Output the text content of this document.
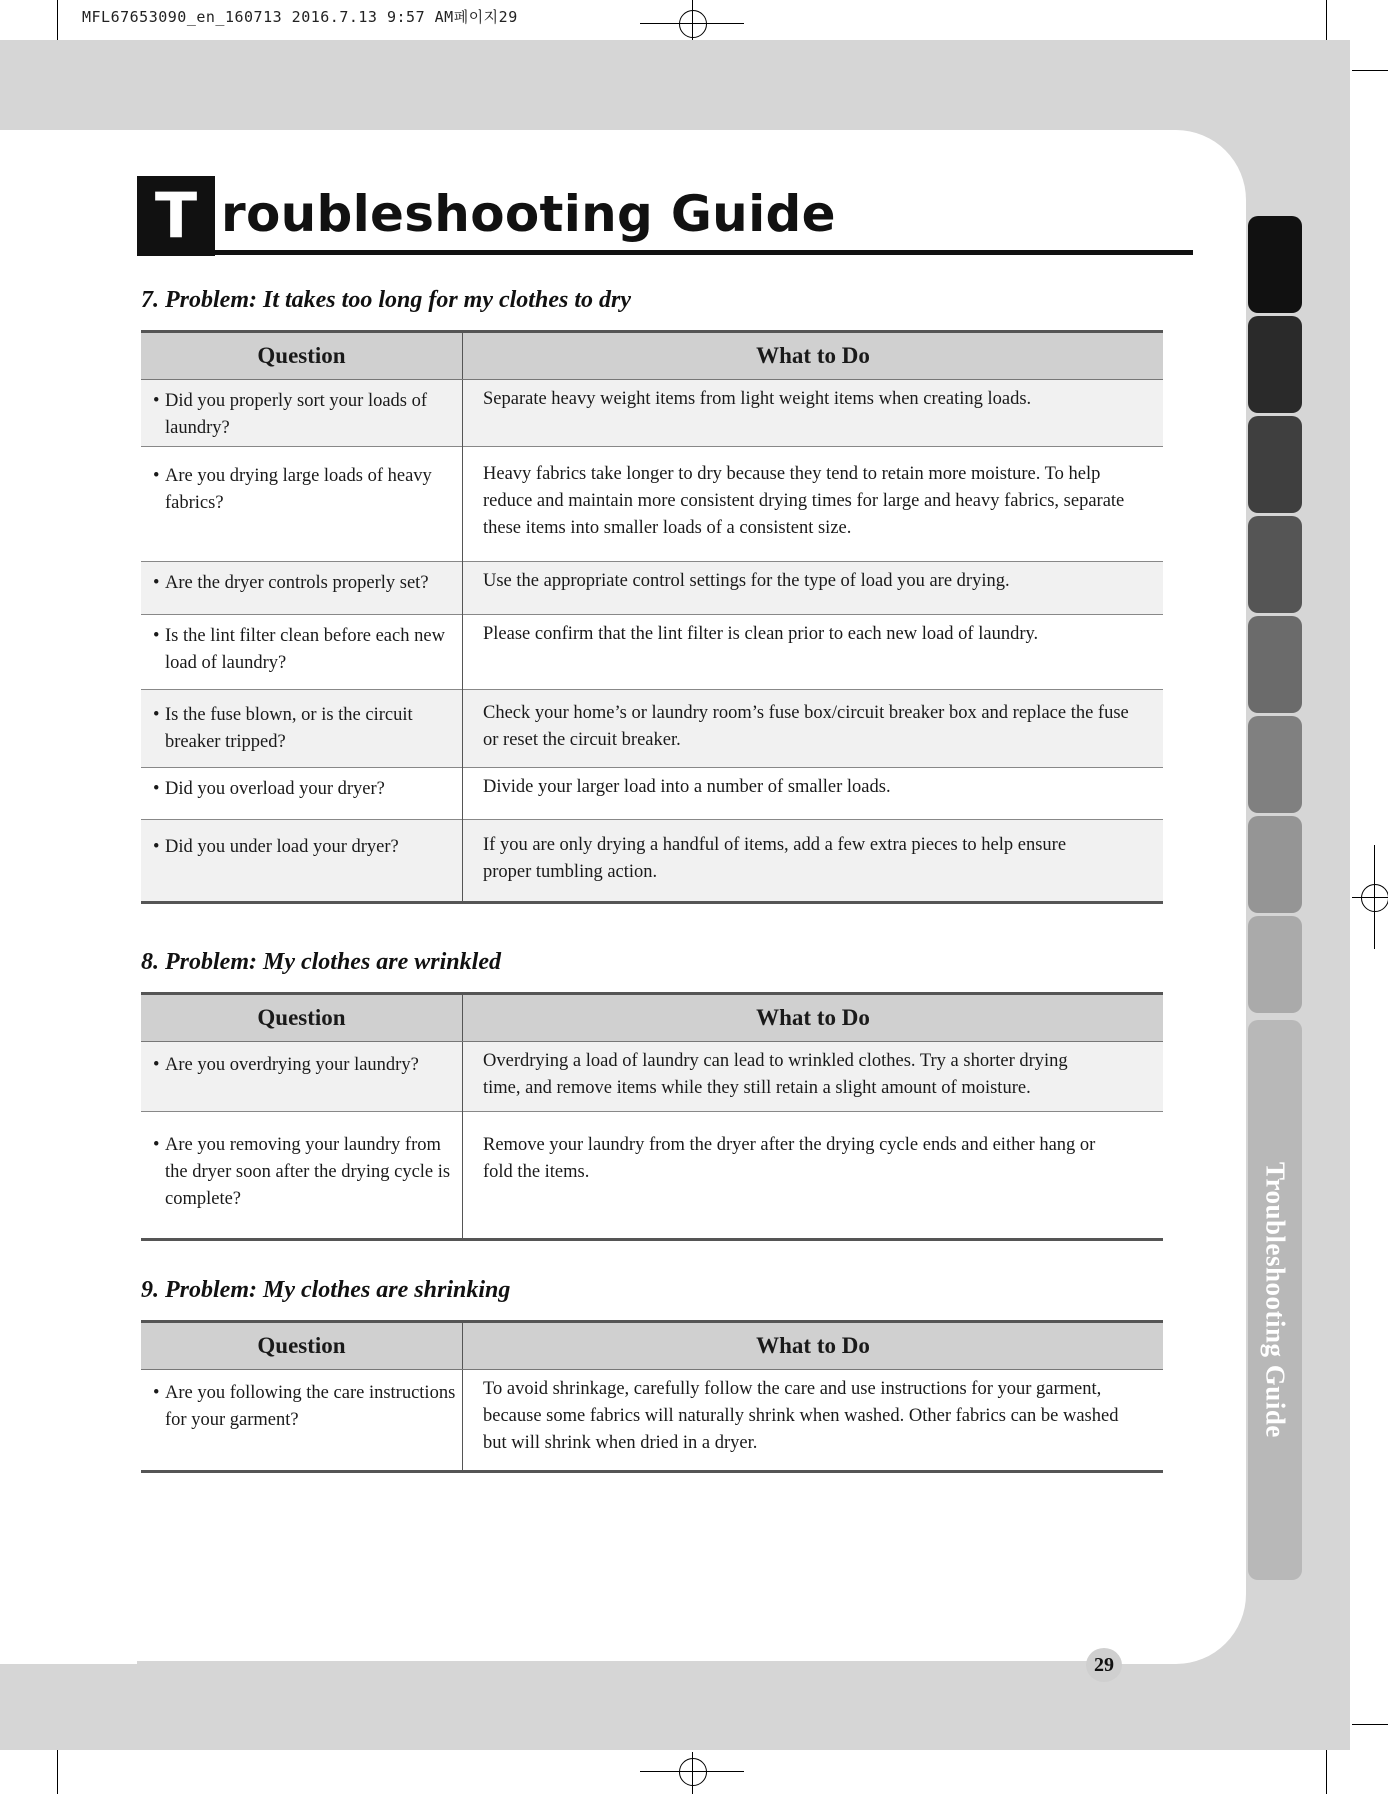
MFL67653090_en_160713 2016.7.13 9:57 AM페이지29
Troubleshooting Guide
T roubleshooting Guide
7. Problem: It takes too long for my clothes to dry
Question	What to Do

• Did you properly sort your loads of laundry?	Separate heavy weight items from light weight items when creating loads.

• Are you drying large loads of heavy fabrics?	Heavy fabrics take longer to dry because they tend to retain more moisture. To help reduce and maintain more consistent drying times for large and heavy fabrics, separate these items into smaller loads of a consistent size.

• Are the dryer controls properly set?	Use the appropriate control settings for the type of load you are drying.

• Is the lint filter clean before each new load of laundry?	Please confirm that the lint filter is clean prior to each new load of laundry.

• Is the fuse blown, or is the circuit breaker tripped?	Check your home’s or laundry room’s fuse box/circuit breaker box and replace the fuse or reset the circuit breaker.

• Did you overload your dryer?	Divide your larger load into a number of smaller loads.

• Did you under load your dryer?	If you are only drying a handful of items, add a few extra pieces to help ensure proper tumbling action.
8. Problem: My clothes are wrinkled
Question	What to Do

• Are you overdrying your laundry?	Overdrying a load of laundry can lead to wrinkled clothes. Try a shorter drying time, and remove items while they still retain a slight amount of moisture.

• Are you removing your laundry from the dryer soon after the drying cycle is complete?	Remove your laundry from the dryer after the drying cycle ends and either hang or fold the items.
9. Problem: My clothes are shrinking
Question	What to Do

• Are you following the care instructions for your garment?	To avoid shrinkage, carefully follow the care and use instructions for your garment, because some fabrics will naturally shrink when washed. Other fabrics can be washed but will shrink when dried in a dryer.
29
